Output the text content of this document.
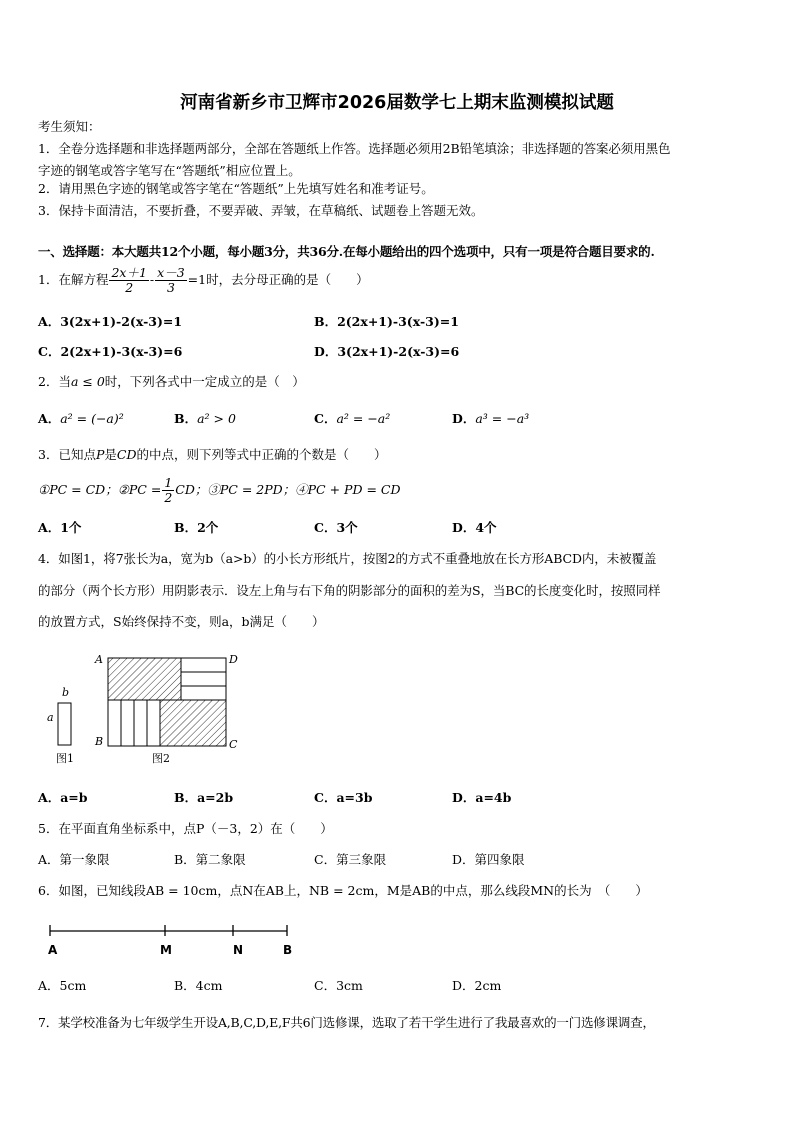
河南省新乡市卫辉市2026届数学七上期末监测模拟试题
考生须知：
1．全卷分选择题和非选择题两部分，全部在答题纸上作答。选择题必须用2B铅笔填涂；非选择题的答案必须用黑色
字迹的钢笔或答字笔写在“答题纸”相应位置上。
2．请用黑色字迹的钢笔或答字笔在“答题纸”上先填写姓名和准考证号。
3．保持卡面清洁，不要折叠，不要弄破、弄皱，在草稿纸、试题卷上答题无效。
一、选择题：本大题共12个小题，每小题3分，共36分.在每小题给出的四个选项中，只有一项是符合题目要求的.
1．在解方程 $\frac{2x+1}{2} - \frac{x-3}{3} =1$时，去分母正确的是（　　）
A．3(2x+1)-2(x-3)=1	B．2(2x+1)-3(x-3)=1
C．2(2x+1)-3(x-3)=6	D．3(2x+1)-2(x-3)=6
2．当a ≤ 0时，下列各式中一定成立的是（　）
A．a² = (−a)²	B．a² > 0	C．a² = −a²	D．a³ = −a³
3．已知点P是CD的中点，则下列等式中正确的个数是（　　）
①PC = CD；②PC = $\frac{1}{2}$ CD；③PC = 2PD；④PC + PD = CD
A．1个	B．2个	C．3个	D．4个
4．如图1，将7张长为a，宽为b（a>b）的小长方形纸片，按图2的方式不重叠地放在长方形ABCD内，未被覆盖
的部分（两个长方形）用阴影表示．设左上角与右下角的阴影部分的面积的差为S，当BC的长度变化时，按照同样
的放置方式，S始终保持不变，则a，b满足（　　）
b
a
图1
A	D
B	C
图2
A．a=b	B．a=2b	C．a=3b	D．a=4b
5．在平面直角坐标系中，点P（－3，2）在（　　）
A．第一象限	B．第二象限	C．第三象限	D．第四象限
6．如图，已知线段AB = 10cm，点N在AB上，NB = 2cm，M是AB的中点，那么线段MN的长为　（　　）
A	M	N	B
A．5cm	B．4cm	C．3cm	D．2cm
7．某学校准备为七年级学生开设A,B,C,D,E,F共6门选修课，选取了若干学生进行了我最喜欢的一门选修课调查，
